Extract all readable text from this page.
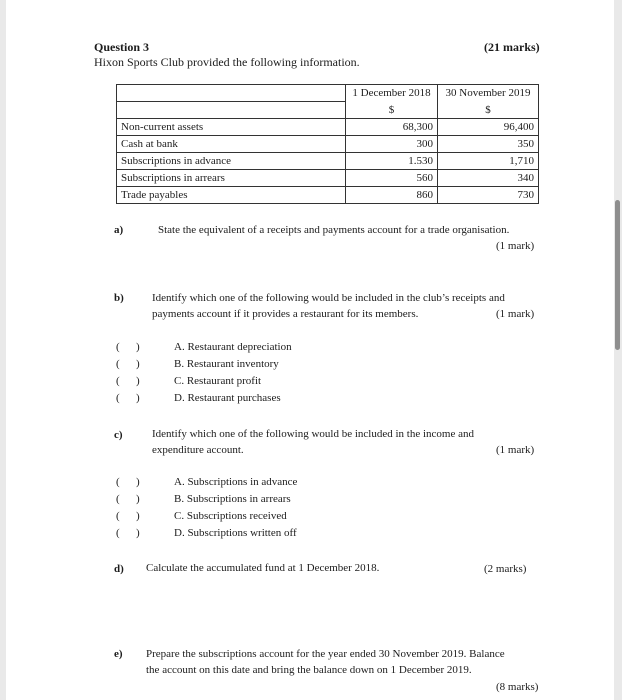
Question 3	(21 marks)
Hixon Sports Club provided the following information.
	1 December 2018	30 November 2019
	$	$
Non-current assets	68,300	96,400
Cash at bank	300	350
Subscriptions in advance	1.530	1,710
Subscriptions in arrears	560	340
Trade payables	860	730
a)	State the equivalent of a receipts and payments account for a trade organisation.
(1 mark)
b)	Identify which one of the following would be included in the club’s receipts and
payments account if it provides a restaurant for its members.	(1 mark)
( )	A. Restaurant depreciation
( )	B. Restaurant inventory
( )	C. Restaurant profit
( )	D. Restaurant purchases
c)	Identify which one of the following would be included in the income and
expenditure account.	(1 mark)
( )	A. Subscriptions in advance
( )	B. Subscriptions in arrears
( )	C. Subscriptions received
( )	D. Subscriptions written off
d) Calculate the accumulated fund at 1 December 2018.	(2 marks)
e) Prepare the subscriptions account for the year ended 30 November 2019. Balance
the account on this date and bring the balance down on 1 December 2019.
(8 marks)
